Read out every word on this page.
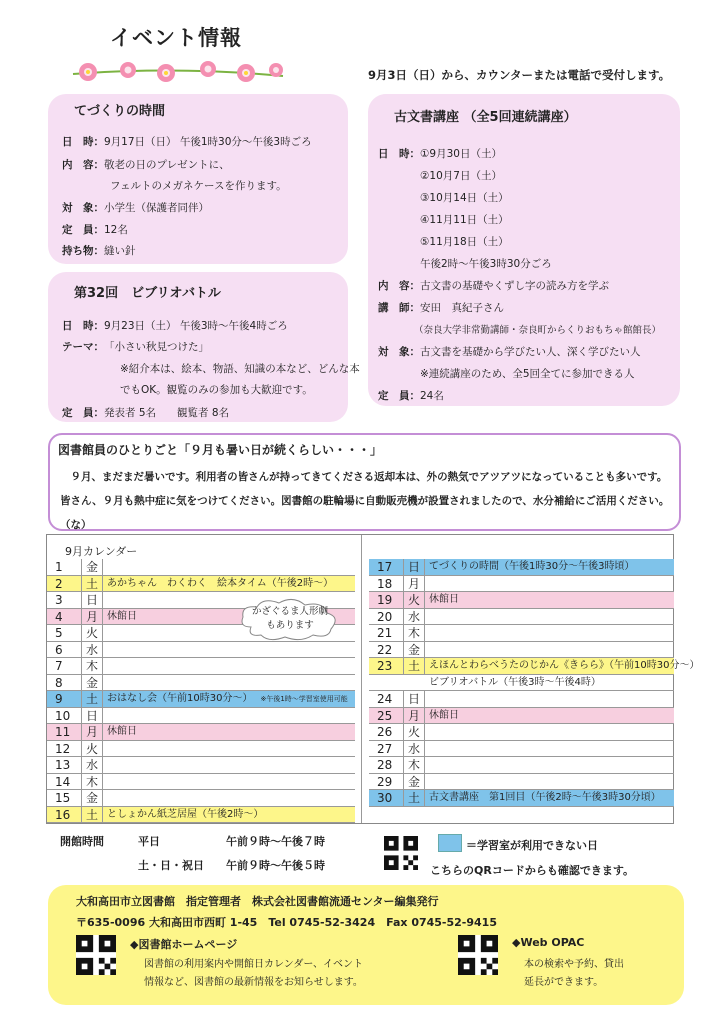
イベント情報
9月3日（日）から、カウンターまたは電話で受付します。
てづくりの時間
日　時：9月17日（日） 午後1時30分～午後3時ごろ
内　容：敬老の日のプレゼントに、
フェルトのメガネケースを作ります。
対　象：小学生（保護者同伴）
定　員：12名
持ち物：縫い針
第32回　ビブリオバトル
日　時：9月23日（土） 午後3時～午後4時ごろ
テーマ：「小さい秋見つけた」
※紹介本は、絵本、物語、知識の本など、どんな本
でもOK。観覧のみの参加も大歓迎です。
定　員：発表者 5名　　観覧者 8名
古文書講座 （全5回連続講座）
日　時：①9月30日（土）
②10月7日（土）
③10月14日（土）
④11月11日（土）
⑤11月18日（土）
午後2時～午後3時30分ごろ
内　容：古文書の基礎やくずし字の読み方を学ぶ
講　師：安田　真紀子さん
（奈良大学非常勤講師・奈良町からくりおもちゃ館館長）
対　象：古文書を基礎から学びたい人、深く学びたい人
※連続講座のため、全5回全てに参加できる人
定　員：24名
図書館員のひとりごと「９月も暑い日が続くらしい・・・」
　９月、まだまだ暑いです。利用者の皆さんが持ってきてくださる返却本は、外の熱気でアツアツになっていることも多いです。皆さん、９月も熱中症に気をつけてください。図書館の駐輪場に自動販売機が設置されましたので、水分補給にご活用ください。（な）
9月カレンダー
1	金
2	土 あかちゃん　わくわく　絵本タイム（午後2時～）
3	日
4	月 休館日
5	火
6	水
7	木
8	金
9	土 おはなし会（午前10時30分～） ※午後1時～学習室使用可能
10	日
11	月 休館日
12	火
13	水
14	木
15	金
16	土 としょかん紙芝居屋（午後2時～）
17	日 てづくりの時間（午後1時30分～午後3時頃）
18	月
19	火 休館日
20	水
21	木
22	金
23	土 えほんとわらべうたのじかん《きらら》（午前10時30分～）
ビブリオバトル（午後3時～午後4時）
24	日
25	月 休館日
26	火
27	水
28	木
29	金
30	土 古文書講座　第1回目（午後2時～午後3時30分頃）
かざぐるま人形劇
もあります
開館時間	平日	午前９時～午後７時
土・日・祝日 午前９時～午後５時
＝学習室が利用できない日
こちらのQRコードからも確認できます。
大和高田市立図書館　指定管理者　株式会社図書館流通センター編集発行
〒635-0096 大和高田市西町 1-45　Tel 0745-52-3424　Fax 0745-52-9415
◆図書館ホームページ
図書館の利用案内や開館日カレンダー、イベント
情報など、図書館の最新情報をお知らせします。
◆Web OPAC
本の検索や予約、貸出
延長ができます。
